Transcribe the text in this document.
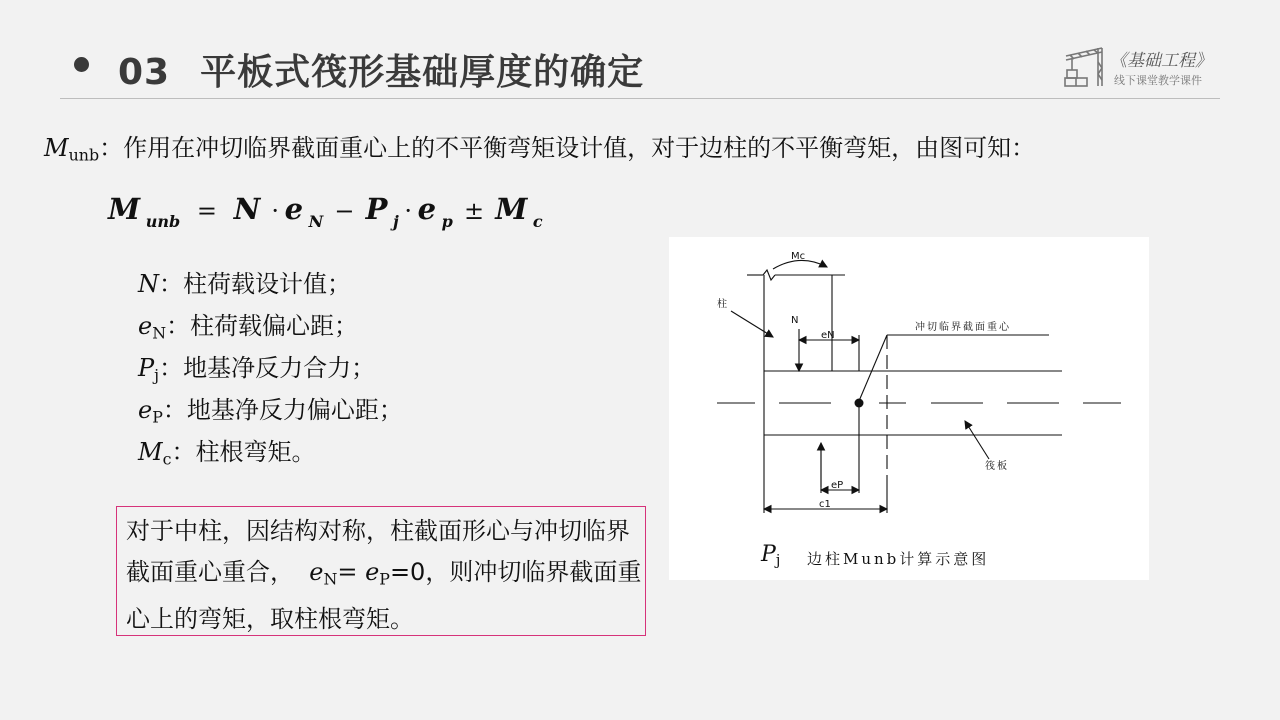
03 平板式筏形基础厚度的确定	《基础工程》
线下课堂教学课件
$M_{unb}$：作用在冲切临界截面重心上的不平衡弯矩设计值，对于边柱的不平衡弯矩，由图可知：
M unb = N · e N − P j · e p ± M c
N：柱荷载设计值；
$e_N$：柱荷载偏心距；
$P_j$：地基净反力合力；
$e_P$：地基净反力偏心距；
$M_c$：柱根弯矩。
对于中柱，因结构对称，柱截面形心与冲切临界截面重心重合， $e_N= e_P=0$，则冲切临界截面重心上的弯矩，取柱根弯矩。
Mc
柱
N
eN
冲切临界截面重心
筏板
eP
c1
$P_j$ 边柱Munb计算示意图
